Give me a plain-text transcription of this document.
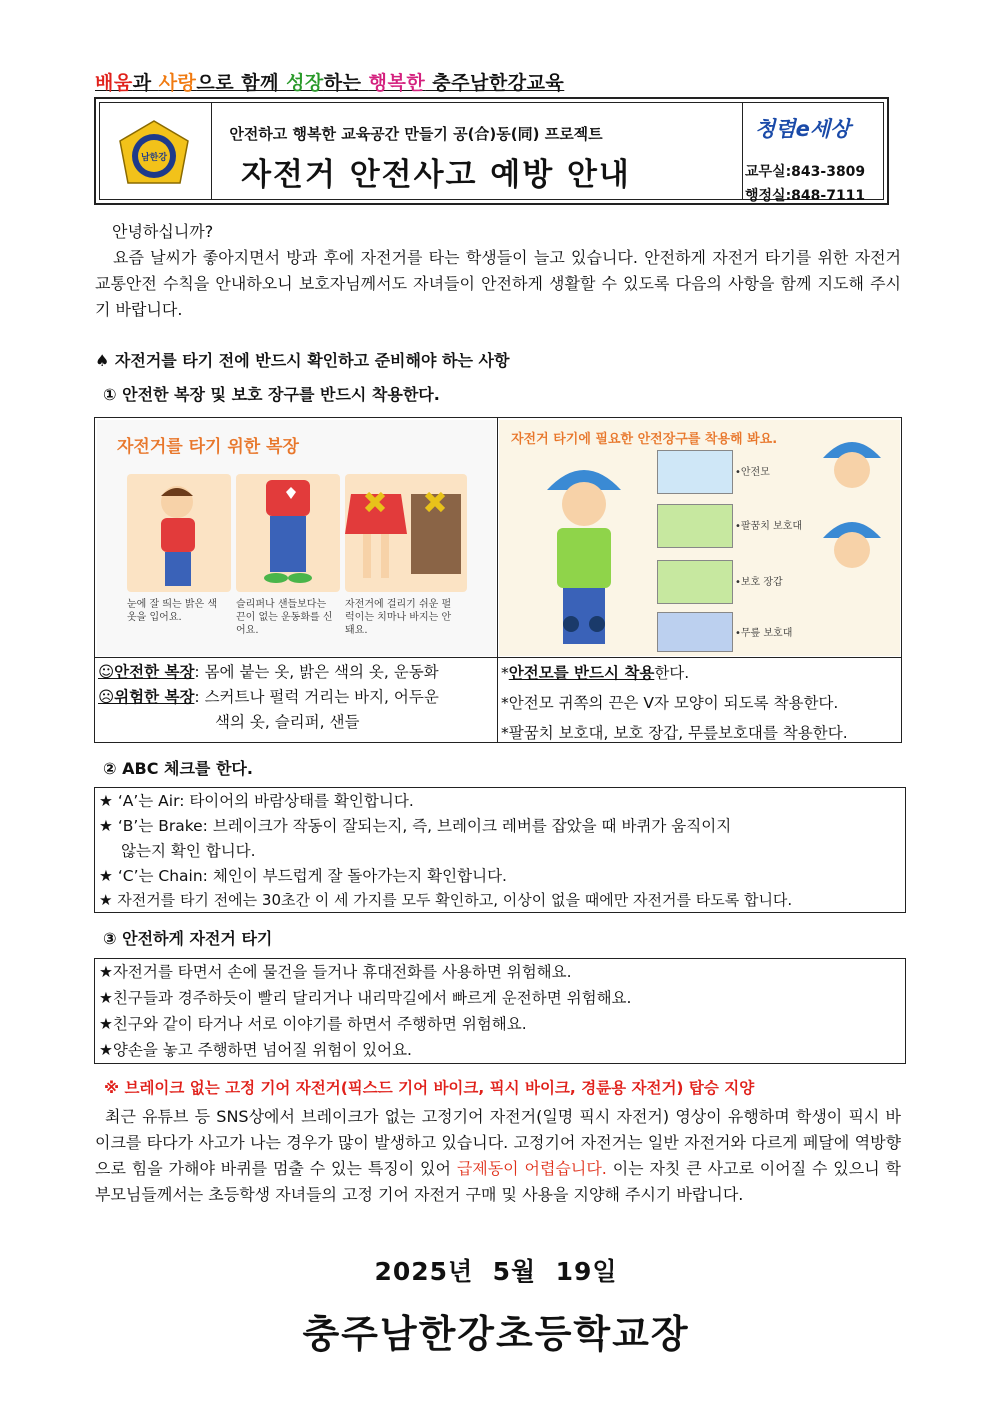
배움과 사랑으로 함께 성장하는 행복한 충주남한강교육
남한강
안전하고 행복한 교육공간 만들기 공(合)동(同) 프로젝트
자전거 안전사고 예방 안내
청렴e세상
교무실:843-3809
행정실:848-7111
안녕하십니까?
요즘 날씨가 좋아지면서 방과 후에 자전거를 타는 학생들이 늘고 있습니다. 안전하게 자전거 타기를 위한 자전거 교통안전 수칙을 안내하오니 보호자님께서도 자녀들이 안전하게 생활할 수 있도록 다음의 사항을 함께 지도해 주시기 바랍니다.
♠ 자전거를 타기 전에 반드시 확인하고 준비해야 하는 사항
① 안전한 복장 및 보호 장구를 반드시 착용한다.
자전거를 타기 위한 복장
눈에 잘 띄는 밝은 색 옷을 입어요.
슬리퍼나 샌들보다는 끈이 없는 운동화를 신어요.
자전거에 걸리기 쉬운 펄럭이는 치마나 바지는 안돼요.
자전거 타기에 필요한 안전장구를 착용해 봐요.
•안전모
•팔꿈치 보호대
•보호 장갑
•무릎 보호대
☺안전한 복장: 몸에 붙는 옷, 밝은 색의 옷, 운동화
☹위험한 복장: 스커트나 펄럭 거리는 바지, 어두운
색의 옷, 슬리퍼, 샌들
*안전모를 반드시 착용한다.
*안전모 귀쪽의 끈은 V자 모양이 되도록 착용한다.
*팔꿈치 보호대, 보호 장갑, 무릎보호대를 착용한다.
② ABC 체크를 한다.
★ ‘A’는 Air: 타이어의 바람상태를 확인합니다.
★ ‘B’는 Brake: 브레이크가 작동이 잘되는지, 즉, 브레이크 레버를 잡았을 때 바퀴가 움직이지
않는지 확인 합니다.
★ ‘C’는 Chain: 체인이 부드럽게 잘 돌아가는지 확인합니다.
★ 자전거를 타기 전에는 30초간 이 세 가지를 모두 확인하고, 이상이 없을 때에만 자전거를 타도록 합니다.
③ 안전하게 자전거 타기
★자전거를 타면서 손에 물건을 들거나 휴대전화를 사용하면 위험해요.
★친구들과 경주하듯이 빨리 달리거나 내리막길에서 빠르게 운전하면 위험해요.
★친구와 같이 타거나 서로 이야기를 하면서 주행하면 위험해요.
★양손을 놓고 주행하면 넘어질 위험이 있어요.
※ 브레이크 없는 고정 기어 자전거(픽스드 기어 바이크, 픽시 바이크, 경륜용 자전거) 탑승 지양
최근 유튜브 등 SNS상에서 브레이크가 없는 고정기어 자전거(일명 픽시 자전거) 영상이 유행하며 학생이 픽시 바이크를 타다가 사고가 나는 경우가 많이 발생하고 있습니다. 고정기어 자전거는 일반 자전거와 다르게 페달에 역방향으로 힘을 가해야 바퀴를 멈출 수 있는 특징이 있어 급제동이 어렵습니다. 이는 자칫 큰 사고로 이어질 수 있으니 학부모님들께서는 초등학생 자녀들의 고정 기어 자전거 구매 및 사용을 지양해 주시기 바랍니다.
2025년  5월  19일
충주남한강초등학교장
